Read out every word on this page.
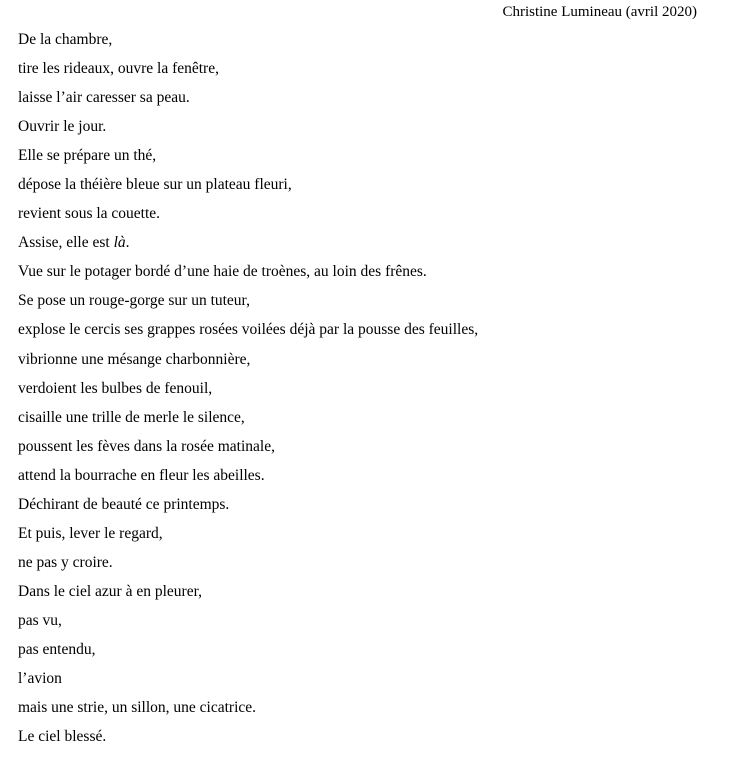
Christine Lumineau (avril 2020)
De la chambre,
tire les rideaux, ouvre la fenêtre,
laisse l’air caresser sa peau.
Ouvrir le jour.
Elle se prépare un thé,
dépose la théière bleue sur un plateau fleuri,
revient sous la couette.
Assise, elle est là.
Vue sur le potager bordé d’une haie de troènes, au loin des frênes.
Se pose un rouge-gorge sur un tuteur,
explose le cercis ses grappes rosées voilées déjà par la pousse des feuilles,
vibrionne une mésange charbonnière,
verdoient les bulbes de fenouil,
cisaille une trille de merle le silence,
poussent les fèves dans la rosée matinale,
attend la bourrache en fleur les abeilles.
Déchirant de beauté ce printemps.
Et puis, lever le regard,
ne pas y croire.
Dans le ciel azur à en pleurer,
pas vu,
pas entendu,
l’avion
mais une strie, un sillon, une cicatrice.
Le ciel blessé.
